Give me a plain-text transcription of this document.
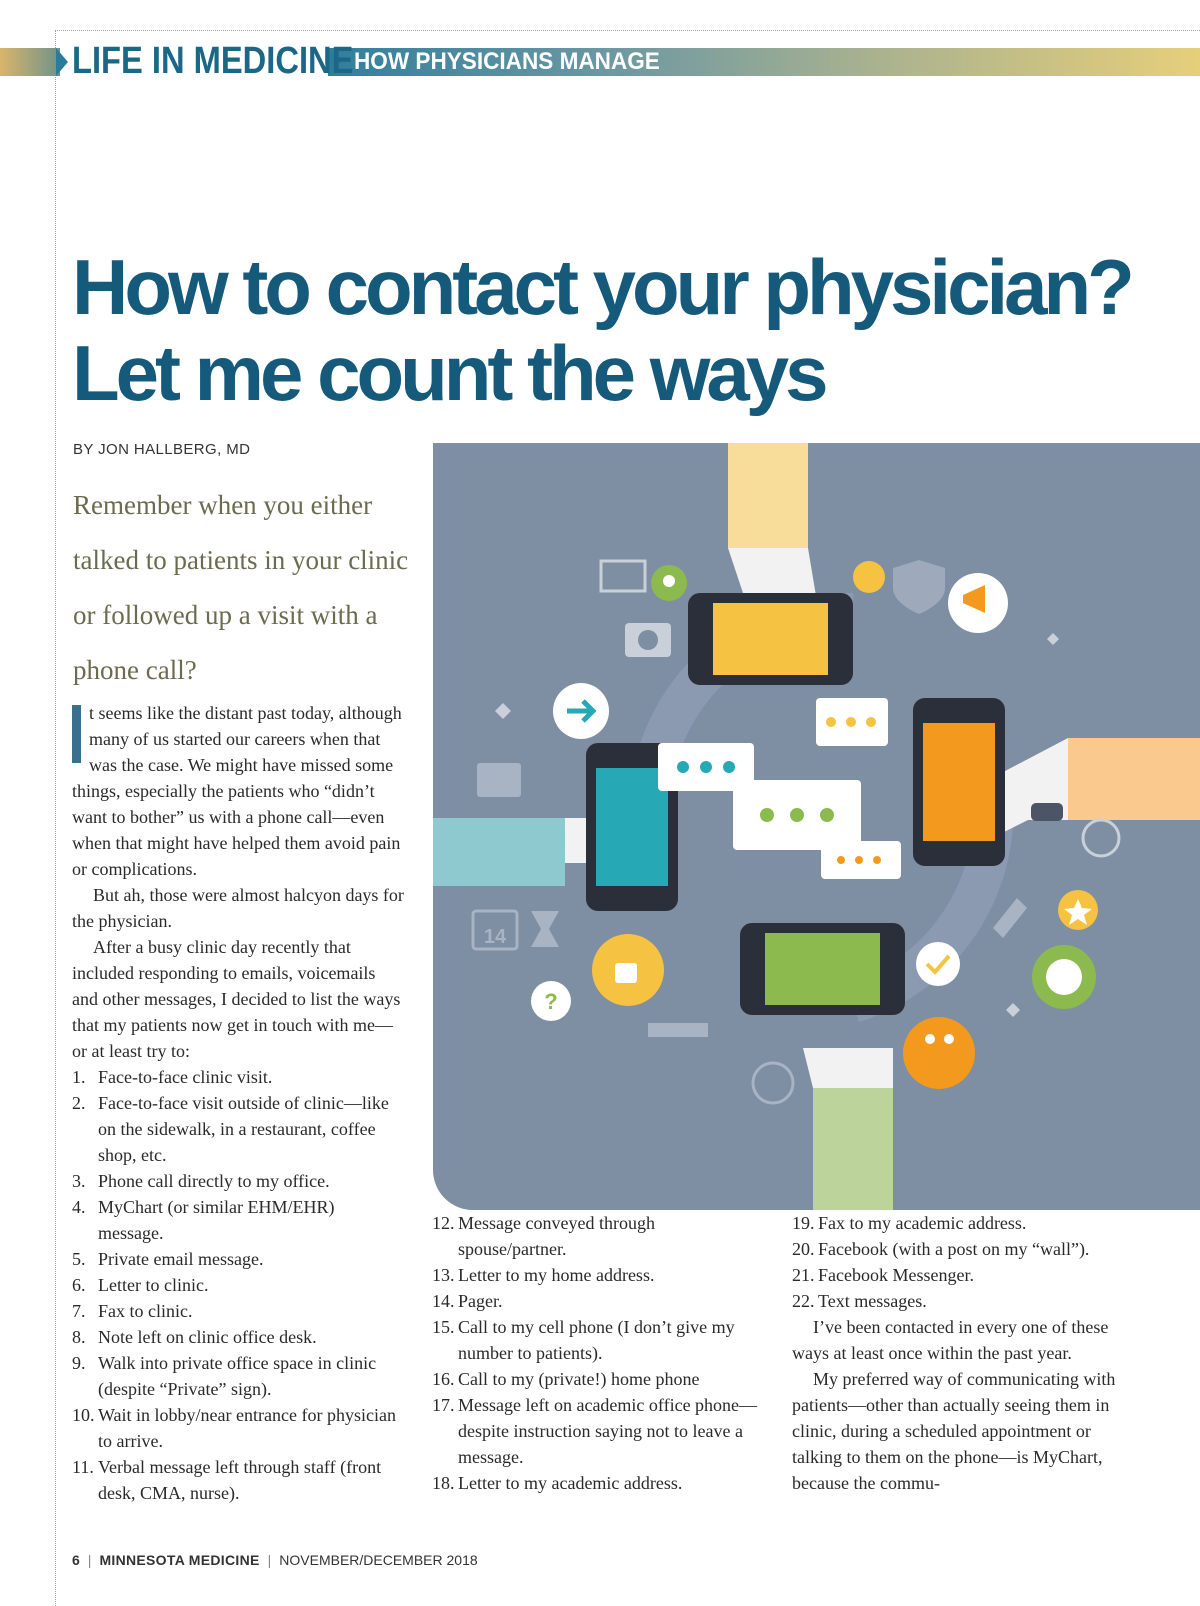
LIFE IN MEDICINE HOW PHYSICIANS MANAGE
How to contact your physician?
Let me count the ways
BY JON HALLBERG, MD
Remember when you either talked to patients in your clinic or followed up a visit with a phone call?

t seems like the distant past today, although many of us started our careers when that was the case. We might have missed some things, especially the patients who “didn’t want to bother” us with a phone call—even when that might have helped them avoid pain or complications.

But ah, those were almost halcyon days for the physician.

After a busy clinic day recently that included responding to emails, voicemails and other messages, I decided to list the ways that my patients now get in touch with me—or at least try to:

1. Face-to-face clinic visit.
2. Face-to-face visit outside of clinic—like on the sidewalk, in a restaurant, coffee shop, etc.
3. Phone call directly to my office.
4. MyChart (or similar EHM/EHR) message.
5. Private email message.
6. Letter to clinic.
7. Fax to clinic.
8. Note left on clinic office desk.
9. Walk into private office space in clinic (despite “Private” sign).
10. Wait in lobby/near entrance for physician to arrive.
11. Verbal message left through staff (front desk, CMA, nurse).
12. Message conveyed through spouse/partner.
13. Letter to my home address.
14. Pager.
15. Call to my cell phone (I don’t give my number to patients).
16. Call to my (private!) home phone
17. Message left on academic office phone—despite instruction saying not to leave a message.
18. Letter to my academic address.
19. Fax to my academic address.
20. Facebook (with a post on my “wall”).
21. Facebook Messenger.
22. Text messages.

I’ve been contacted in every one of these ways at least once within the past year.

My preferred way of communicating with patients—other than actually seeing them in clinic, during a scheduled appointment or talking to them on the phone—is MyChart, because the commu-

?
14
6 | MINNESOTA MEDICINE | NOVEMBER/DECEMBER 2018
